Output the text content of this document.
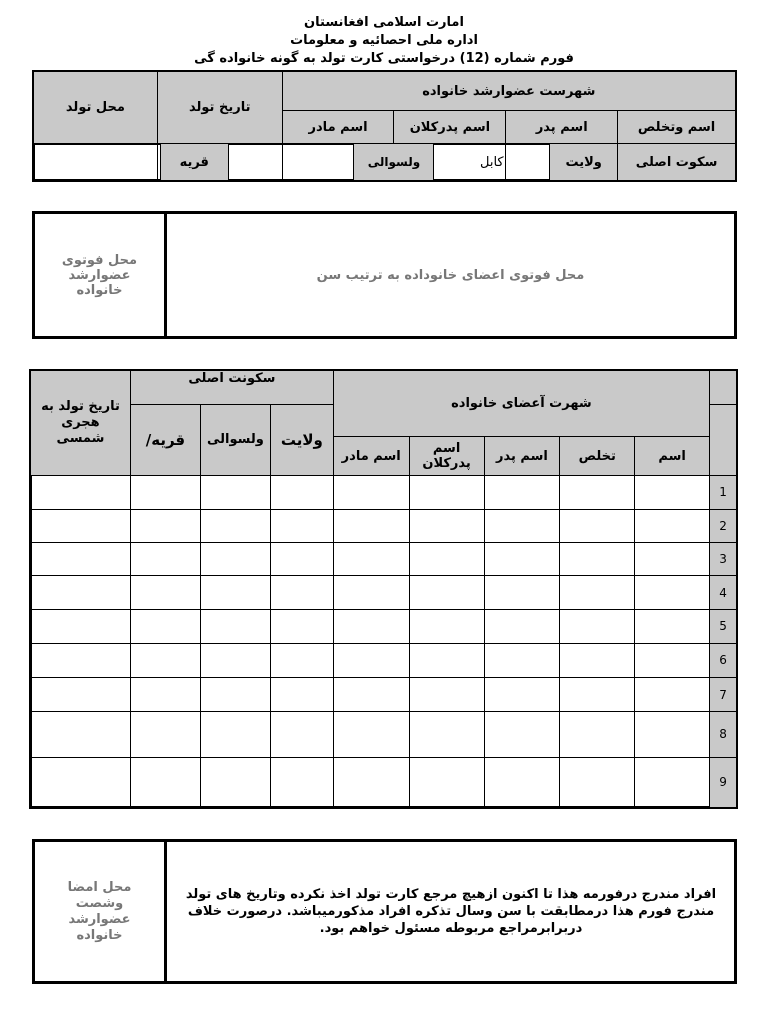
امارت اسلامی افغانستان
اداره ملی احصائیه و معلومات
فورم شماره (12) درخواستی کارت تولد به گونه خانواده گی
شهرست عضوارشد خانواده				تاریخ تولد	محل تولد
اسم وتخلص	اسم پدر	اسم پدرکلان	اسم مادر		

سکوت اصلی	ولایت	کابل	ولسوالی		قریه	
محل فوتوی عضوارشد خانواده
محل فوتوی اعضای خانوداده به ترتیب سن
	شهرت آعضای خانواده					سکونت اصلی			تاریخ تولد به هجری شمسی
						ولایت	ولسوالی	قریه/	
	اسم	تخلص	اسم پدر	اسم پدرکلان	اسم مادر				
1									
2									
3									
4									
5									
6									
7									
8									
9									
محل امضا وشصت عضوارشد خانواده
افراد مندرج درفورمه هذا تا اکنون ازهیچ مرجع کارت تولد اخذ نکرده وتاریخ های تولد مندرج فورم هذا درمطابقت با سن وسال تذکره افراد مذکورمیباشد. درصورت خلاف دربرابرمراجع مربوطه مسئول خواهم بود.
